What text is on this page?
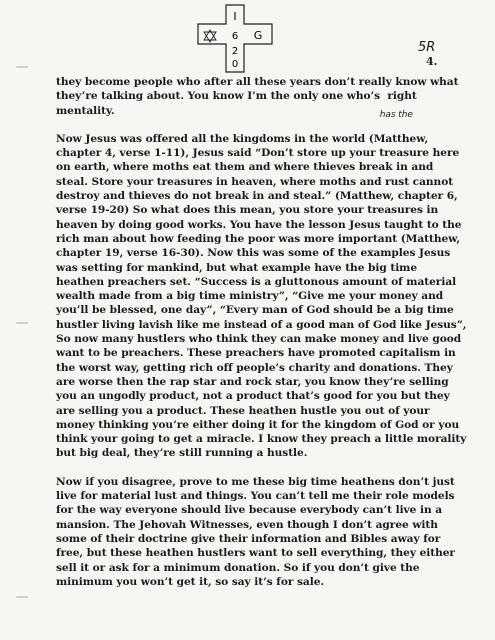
I
G
6
2
0
5R
4.

they become people who after all these years don’t really know what they’re talking about. You know I’m the only one who’s
has the
right mentality.

Now Jesus was offered all the kingdoms in the world (Matthew, chapter 4, verse 1-11), Jesus said “Don’t store up your treasure here on earth, where moths eat them and where thieves break in and steal. Store your treasures in heaven, where moths and rust cannot destroy and thieves do not break in and steal.” (Matthew, chapter 6, verse 19-20) So what does this mean, you store your treasures in heaven by doing good works. You have the lesson Jesus taught to the rich man about how feeding the poor was more important (Matthew, chapter 19, verse 16-30). Now this was some of the examples Jesus was setting for mankind, but what example have the big time heathen preachers set. “Success is a gluttonous amount of material wealth made from a big time ministry”, “Give me your money and you’ll be blessed, one day”, “Every man of God should be a big time hustler living lavish like me instead of a good man of God like Jesus”, So now many hustlers who think they can make money and live good want to be preachers. These preachers have promoted capitalism in the worst way, getting rich off people’s charity and donations. They are worse then the rap star and rock star, you know they’re selling you an ungodly product, not a product that’s good for you but they are selling you a product. These heathen hustle you out of your money thinking you’re either doing it for the kingdom of God or you think your going to get a miracle. I know they preach a little morality but big deal, they’re still running a hustle.

Now if you disagree, prove to me these big time heathens don’t just live for material lust and things. You can’t tell me their role models for the way everyone should live because everybody can’t live in a mansion. The Jehovah Witnesses, even though I don’t agree with some of their doctrine give their information and Bibles away for free, but these heathen hustlers want to sell everything, they either sell it or ask for a minimum donation. So if you don’t give the minimum you won’t get it, so say it’s for sale.
